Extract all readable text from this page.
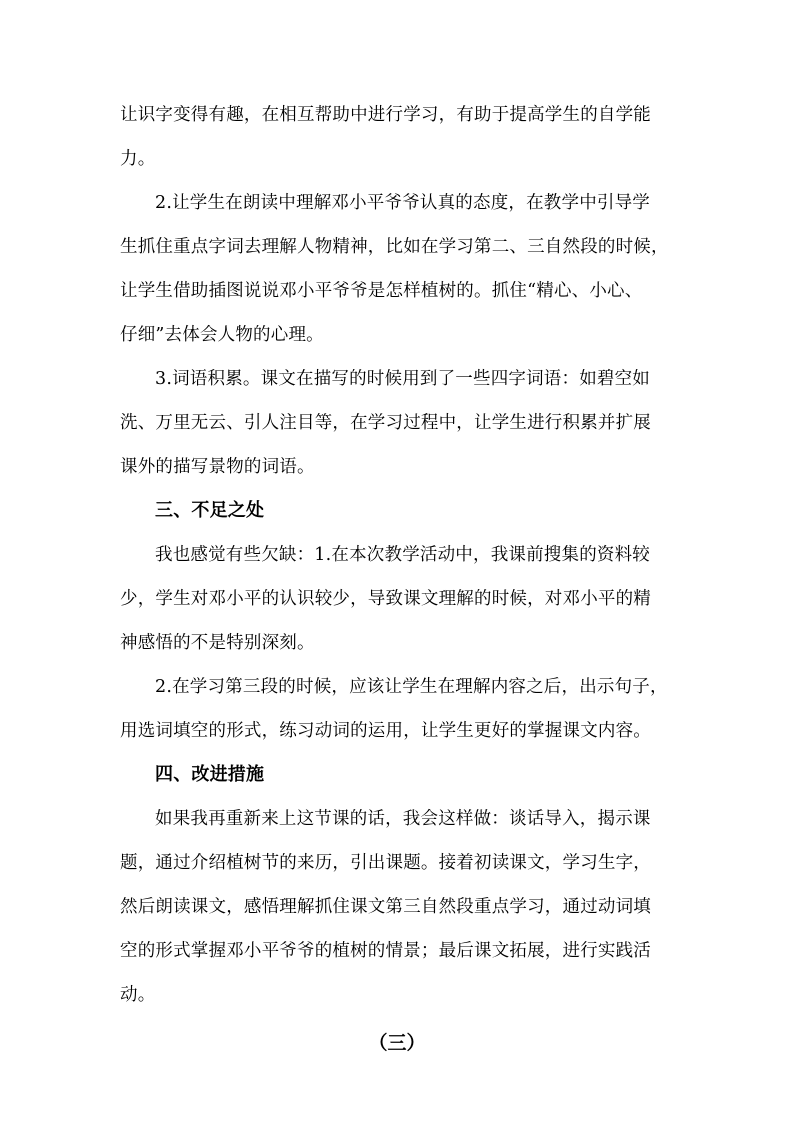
让识字变得有趣，在相互帮助中进行学习，有助于提高学生的自学能
力。
2.让学生在朗读中理解邓小平爷爷认真的态度，在教学中引导学
生抓住重点字词去理解人物精神，比如在学习第二、三自然段的时候，
让学生借助插图说说邓小平爷爷是怎样植树的。抓住“精心、小心、
仔细”去体会人物的心理。
3.词语积累。课文在描写的时候用到了一些四字词语：如碧空如
洗、万里无云、引人注目等，在学习过程中，让学生进行积累并扩展
课外的描写景物的词语。
三、不足之处
我也感觉有些欠缺：1.在本次教学活动中，我课前搜集的资料较
少，学生对邓小平的认识较少，导致课文理解的时候，对邓小平的精
神感悟的不是特别深刻。
2.在学习第三段的时候，应该让学生在理解内容之后，出示句子，
用选词填空的形式，练习动词的运用，让学生更好的掌握课文内容。
四、改进措施
如果我再重新来上这节课的话，我会这样做：谈话导入，揭示课
题，通过介绍植树节的来历，引出课题。接着初读课文，学习生字，
然后朗读课文，感悟理解抓住课文第三自然段重点学习，通过动词填
空的形式掌握邓小平爷爷的植树的情景；最后课文拓展，进行实践活
动。
（三）
